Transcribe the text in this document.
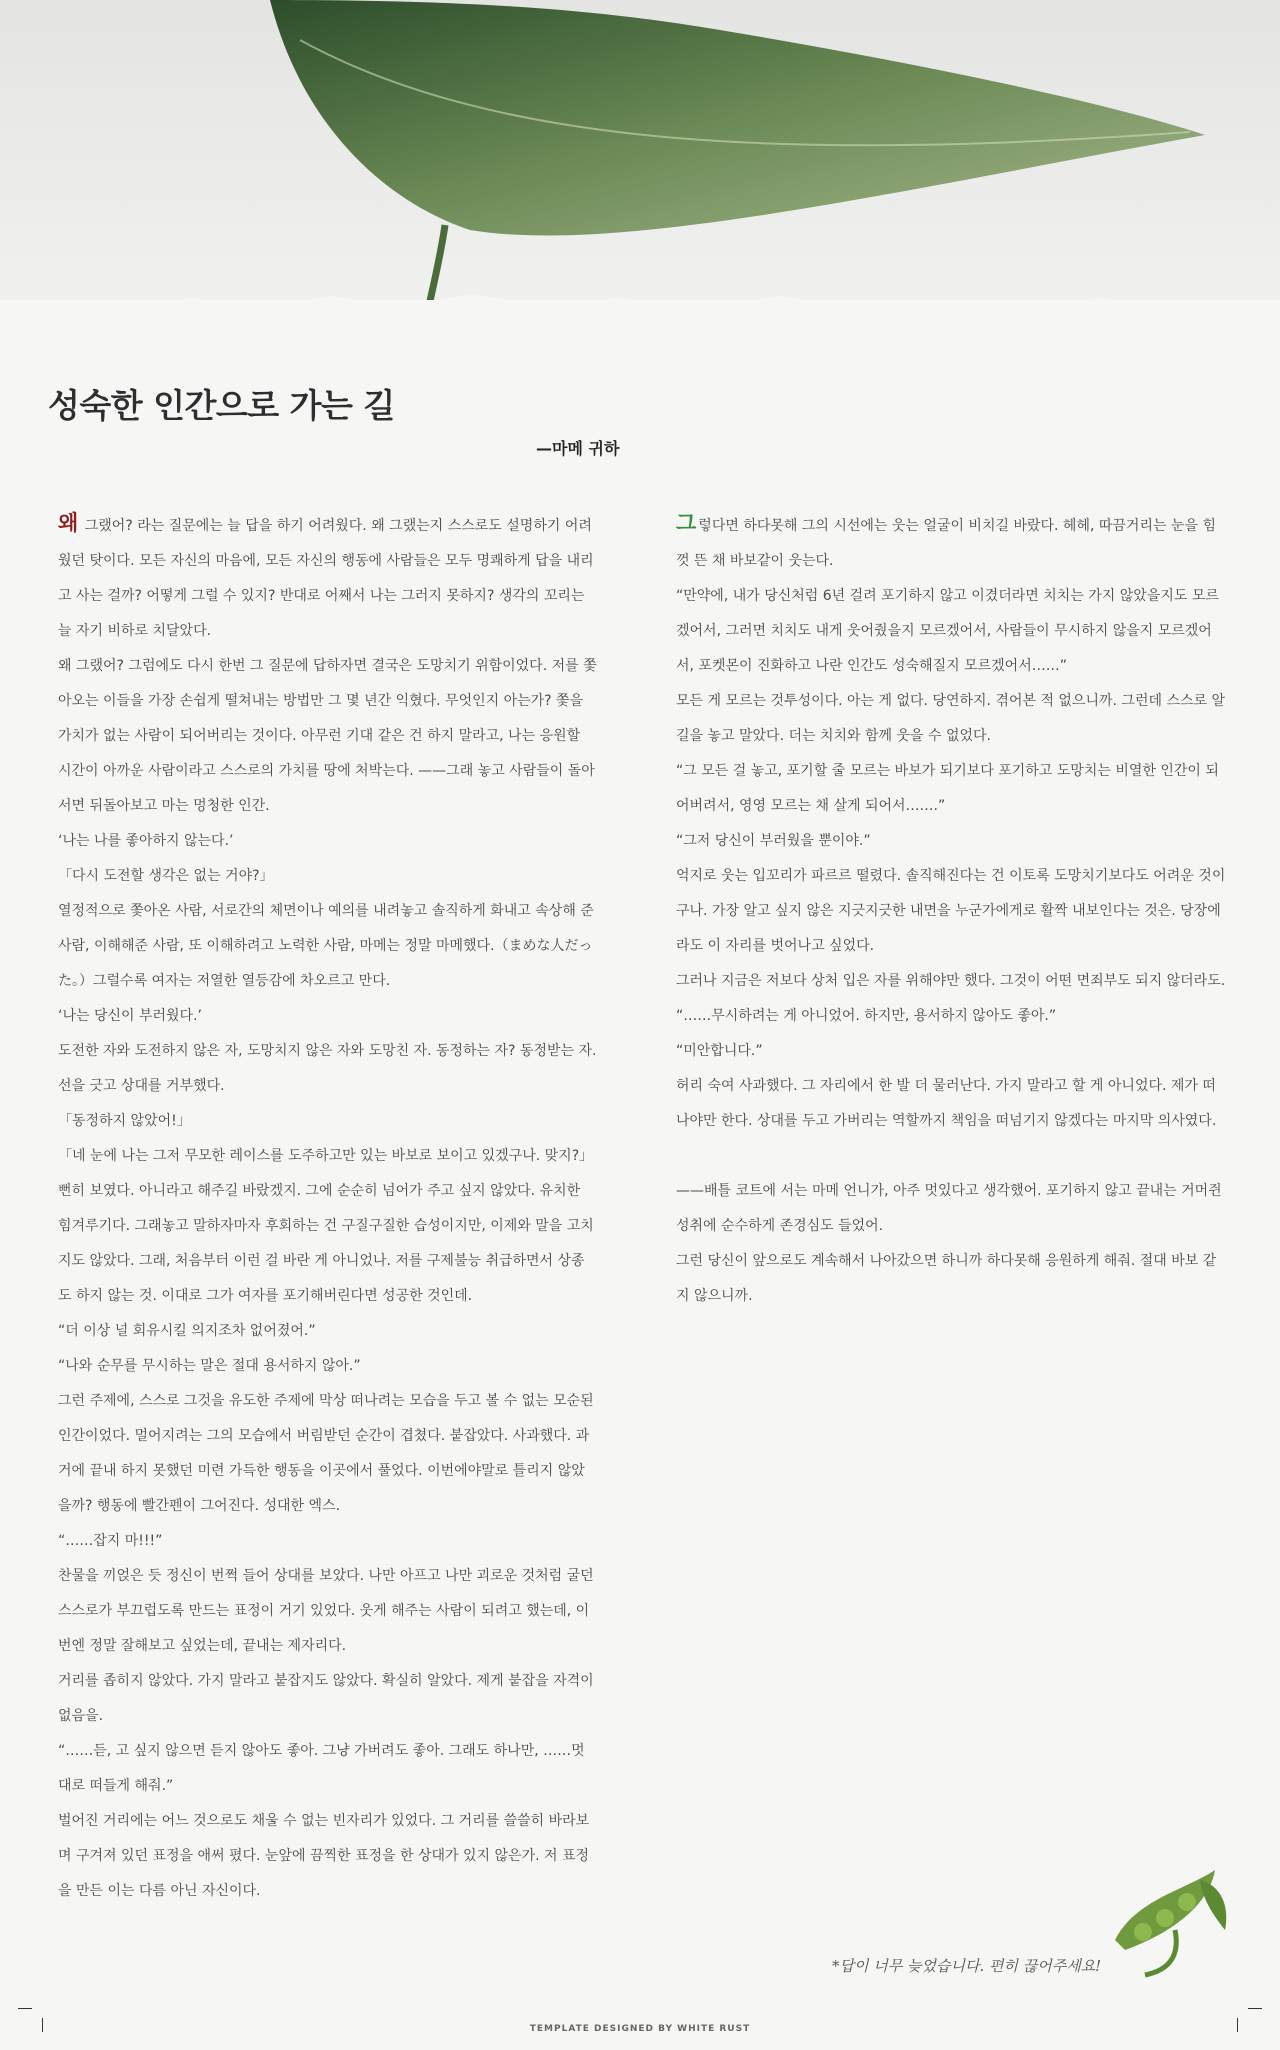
성숙한 인간으로 가는 길

—마메 귀하

왜 그랬어? 라는 질문에는 늘 답을 하기 어려웠다. 왜 그랬는지 스스로도 설명하기 어려웠던 탓이다. 모든 자신의 마음에, 모든 자신의 행동에 사람들은 모두 명쾌하게 답을 내리고 사는 걸까? 어떻게 그럴 수 있지? 반대로 어째서 나는 그러지 못하지? 생각의 꼬리는 늘 자기 비하로 치달았다.

왜 그랬어? 그럼에도 다시 한번 그 질문에 답하자면 결국은 도망치기 위함이었다. 저를 쫓아오는 이들을 가장 손쉽게 떨쳐내는 방법만 그 몇 년간 익혔다. 무엇인지 아는가? 쫓을 가치가 없는 사람이 되어버리는 것이다. 아무런 기대 같은 건 하지 말라고, 나는 응원할 시간이 아까운 사람이라고 스스로의 가치를 땅에 처박는다. ——그래 놓고 사람들이 돌아서면 뒤돌아보고 마는 멍청한 인간.

‘나는 나를 좋아하지 않는다.’

「다시 도전할 생각은 없는 거야?」

열정적으로 쫓아온 사람, 서로간의 체면이나 예의를 내려놓고 솔직하게 화내고 속상해 준 사람, 이해해준 사람, 또 이해하려고 노력한 사람, 마메는 정말 마메했다.（まめな人だった。）그럴수록 여자는 저열한 열등감에 차오르고 만다.

‘나는 당신이 부러웠다.’

도전한 자와 도전하지 않은 자, 도망치지 않은 자와 도망친 자. 동정하는 자? 동정받는 자. 선을 긋고 상대를 거부했다.

「동정하지 않았어!」

「네 눈에 나는 그저 무모한 레이스를 도주하고만 있는 바보로 보이고 있겠구나. 맞지?」

뻔히 보였다. 아니라고 해주길 바랐겠지. 그에 순순히 넘어가 주고 싶지 않았다. 유치한 힘겨루기다. 그래놓고 말하자마자 후회하는 건 구질구질한 습성이지만, 이제와 말을 고치지도 않았다. 그래, 처음부터 이런 걸 바란 게 아니었나. 저를 구제불능 취급하면서 상종도 하지 않는 것. 이대로 그가 여자를 포기해버린다면 성공한 것인데.

“더 이상 널 회유시킬 의지조차 없어졌어.”

“나와 순무를 무시하는 말은 절대 용서하지 않아.”

그런 주제에, 스스로 그것을 유도한 주제에 막상 떠나려는 모습을 두고 볼 수 없는 모순된 인간이었다. 멀어지려는 그의 모습에서 버림받던 순간이 겹쳤다. 붙잡았다. 사과했다. 과거에 끝내 하지 못했던 미련 가득한 행동을 이곳에서 풀었다. 이번에야말로 틀리지 않았을까? 행동에 빨간펜이 그어진다. 성대한 엑스.

“……잡지 마!!!”

찬물을 끼얹은 듯 정신이 번쩍 들어 상대를 보았다. 나만 아프고 나만 괴로운 것처럼 굴던 스스로가 부끄럽도록 만드는 표정이 거기 있었다. 웃게 해주는 사람이 되려고 했는데, 이번엔 정말 잘해보고 싶었는데, 끝내는 제자리다.

거리를 좁히지 않았다. 가지 말라고 붙잡지도 않았다. 확실히 알았다. 제게 붙잡을 자격이 없음을.

“……듣, 고 싶지 않으면 듣지 않아도 좋아. 그냥 가버려도 좋아. 그래도 하나만, ……멋대로 떠들게 해줘.”

벌어진 거리에는 어느 것으로도 채울 수 없는 빈자리가 있었다. 그 거리를 쓸쓸히 바라보며 구겨져 있던 표정을 애써 폈다. 눈앞에 끔찍한 표정을 한 상대가 있지 않은가. 저 표정을 만든 이는 다름 아닌 자신이다.

그렇다면 하다못해 그의 시선에는 웃는 얼굴이 비치길 바랐다. 헤헤, 따끔거리는 눈을 힘껏 뜬 채 바보같이 웃는다.

“만약에, 내가 당신처럼 6년 걸려 포기하지 않고 이겼더라면 치치는 가지 않았을지도 모르겠어서, 그러면 치치도 내게 웃어줬을지 모르겠어서, 사람들이 무시하지 않을지 모르겠어서, 포켓몬이 진화하고 나란 인간도 성숙해질지 모르겠어서……”

모든 게 모르는 것투성이다. 아는 게 없다. 당연하지. 겪어본 적 없으니까. 그런데 스스로 알 길을 놓고 말았다. 더는 치치와 함께 웃을 수 없었다.

“그 모든 걸 놓고, 포기할 줄 모르는 바보가 되기보다 포기하고 도망치는 비열한 인간이 되어버려서, 영영 모르는 채 살게 되어서…….”

“그저 당신이 부러웠을 뿐이야.”

억지로 웃는 입꼬리가 파르르 떨렸다. 솔직해진다는 건 이토록 도망치기보다도 어려운 것이구나. 가장 알고 싶지 않은 지긋지긋한 내면을 누군가에게로 활짝 내보인다는 것은. 당장에라도 이 자리를 벗어나고 싶었다.

그러나 지금은 저보다 상처 입은 자를 위해야만 했다. 그것이 어떤 면죄부도 되지 않더라도.

“……무시하려는 게 아니었어. 하지만, 용서하지 않아도 좋아.”

“미안합니다.”

허리 숙여 사과했다. 그 자리에서 한 발 더 물러난다. 가지 말라고 할 게 아니었다. 제가 떠나야만 한다. 상대를 두고 가버리는 역할까지 책임을 떠넘기지 않겠다는 마지막 의사였다.

——배틀 코트에 서는 마메 언니가, 아주 멋있다고 생각했어. 포기하지 않고 끝내는 거머쥔 성취에 순수하게 존경심도 들었어.

그런 당신이 앞으로도 계속해서 나아갔으면 하니까 하다못해 응원하게 해줘. 절대 바보 같지 않으니까.

*답이 너무 늦었습니다. 편히 끊어주세요!

TEMPLATE DESIGNED BY WHITE RUST
